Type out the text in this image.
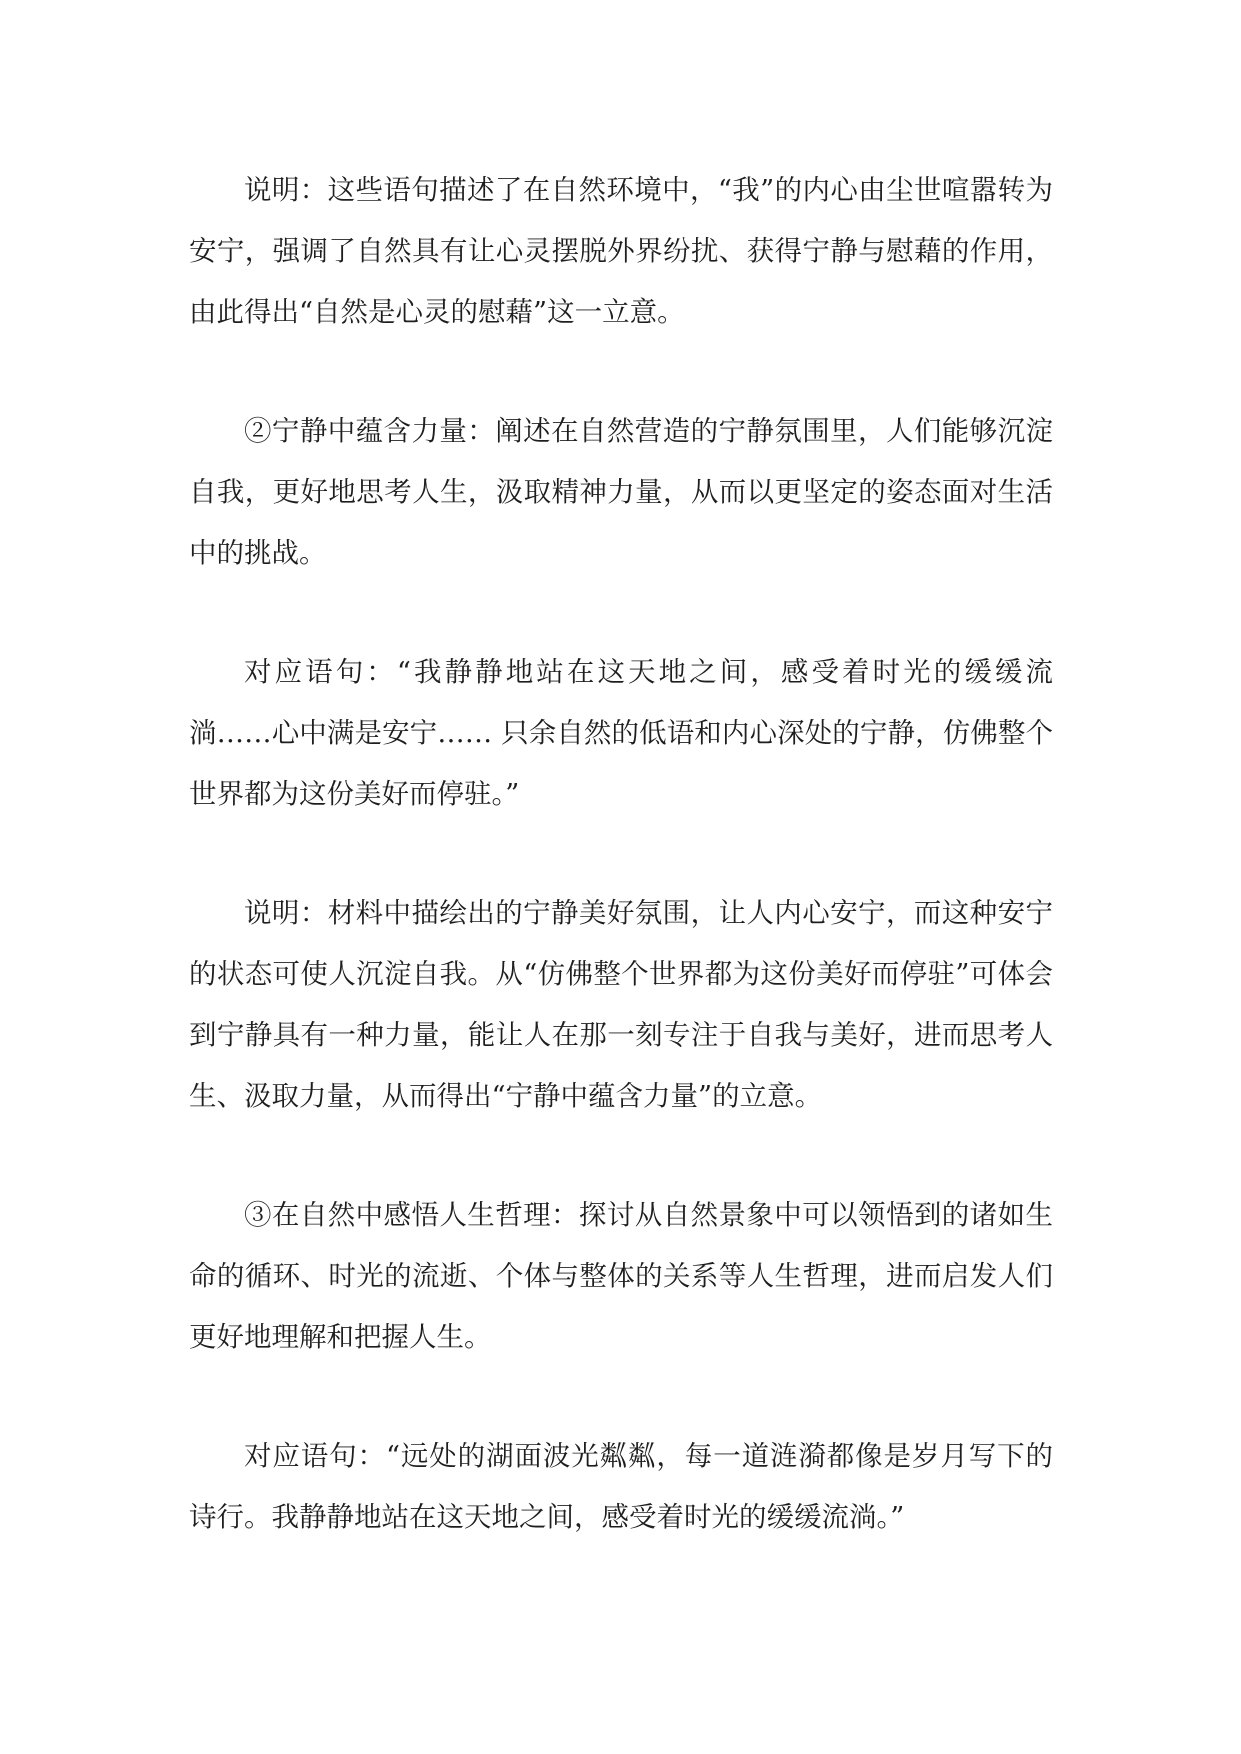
说明：这些语句描述了在自然环境中，“我”的内心由尘世喧嚣转为安宁，强调了自然具有让心灵摆脱外界纷扰、获得宁静与慰藉的作用，由此得出“自然是心灵的慰藉”这一立意。

②宁静中蕴含力量：阐述在自然营造的宁静氛围里，人们能够沉淀自我，更好地思考人生，汲取精神力量，从而以更坚定的姿态面对生活中的挑战。

对应语句：“我静静地站在这天地之间，感受着时光的缓缓流淌……心中满是安宁…… 只余自然的低语和内心深处的宁静，仿佛整个世界都为这份美好而停驻。”

说明：材料中描绘出的宁静美好氛围，让人内心安宁，而这种安宁的状态可使人沉淀自我。从“仿佛整个世界都为这份美好而停驻”可体会到宁静具有一种力量，能让人在那一刻专注于自我与美好，进而思考人生、汲取力量，从而得出“宁静中蕴含力量”的立意。

③在自然中感悟人生哲理：探讨从自然景象中可以领悟到的诸如生命的循环、时光的流逝、个体与整体的关系等人生哲理，进而启发人们更好地理解和把握人生。

对应语句：“远处的湖面波光粼粼，每一道涟漪都像是岁月写下的诗行。我静静地站在这天地之间，感受着时光的缓缓流淌。”
